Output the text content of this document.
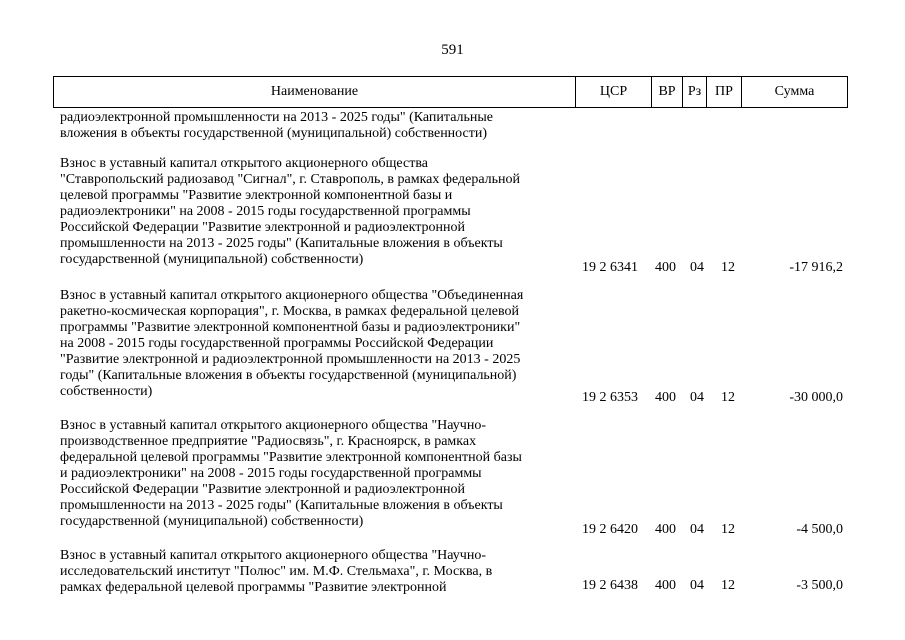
591
Наименование	ЦСР	ВР Рз ПР	Сумма

радиоэлектронной промышленности на 2013 - 2025 годы" (Капитальные

вложения в объекты государственной (муниципальной) собственности)

Взнос в уставный капитал открытого акционерного общества

"Ставропольский радиозавод "Сигнал", г. Ставрополь, в рамках федеральной

целевой программы "Развитие электронной компонентной базы и

радиоэлектроники" на 2008 - 2015 годы государственной программы

Российской Федерации "Развитие электронной и радиоэлектронной

промышленности на 2013 - 2025 годы" (Капитальные вложения в объекты

государственной (муниципальной) собственности)

19 2 6341 400 04 12	-17 916,2

Взнос в уставный капитал открытого акционерного общества "Объединенная

ракетно-космическая корпорация", г. Москва, в рамках федеральной целевой

программы "Развитие электронной компонентной базы и радиоэлектроники"

на 2008 - 2015 годы государственной программы Российской Федерации

"Развитие электронной и радиоэлектронной промышленности на 2013 - 2025

годы" (Капитальные вложения в объекты государственной (муниципальной)

собственности)	19 2 6353 400 04 12	-30 000,0

Взнос в уставный капитал открытого акционерного общества "Научно-

производственное предприятие "Радиосвязь", г. Красноярск, в рамках

федеральной целевой программы "Развитие электронной компонентной базы

и радиоэлектроники" на 2008 - 2015 годы государственной программы

Российской Федерации "Развитие электронной и радиоэлектронной

промышленности на 2013 - 2025 годы" (Капитальные вложения в объекты

государственной (муниципальной) собственности)

19 2 6420 400 04 12	-4 500,0

Взнос в уставный капитал открытого акционерного общества "Научно-

исследовательский институт "Полюс" им. М.Ф. Стельмаха", г. Москва, в

рамках федеральной целевой программы "Развитие электронной	19 2 6438 400 04 12	-3 500,0
